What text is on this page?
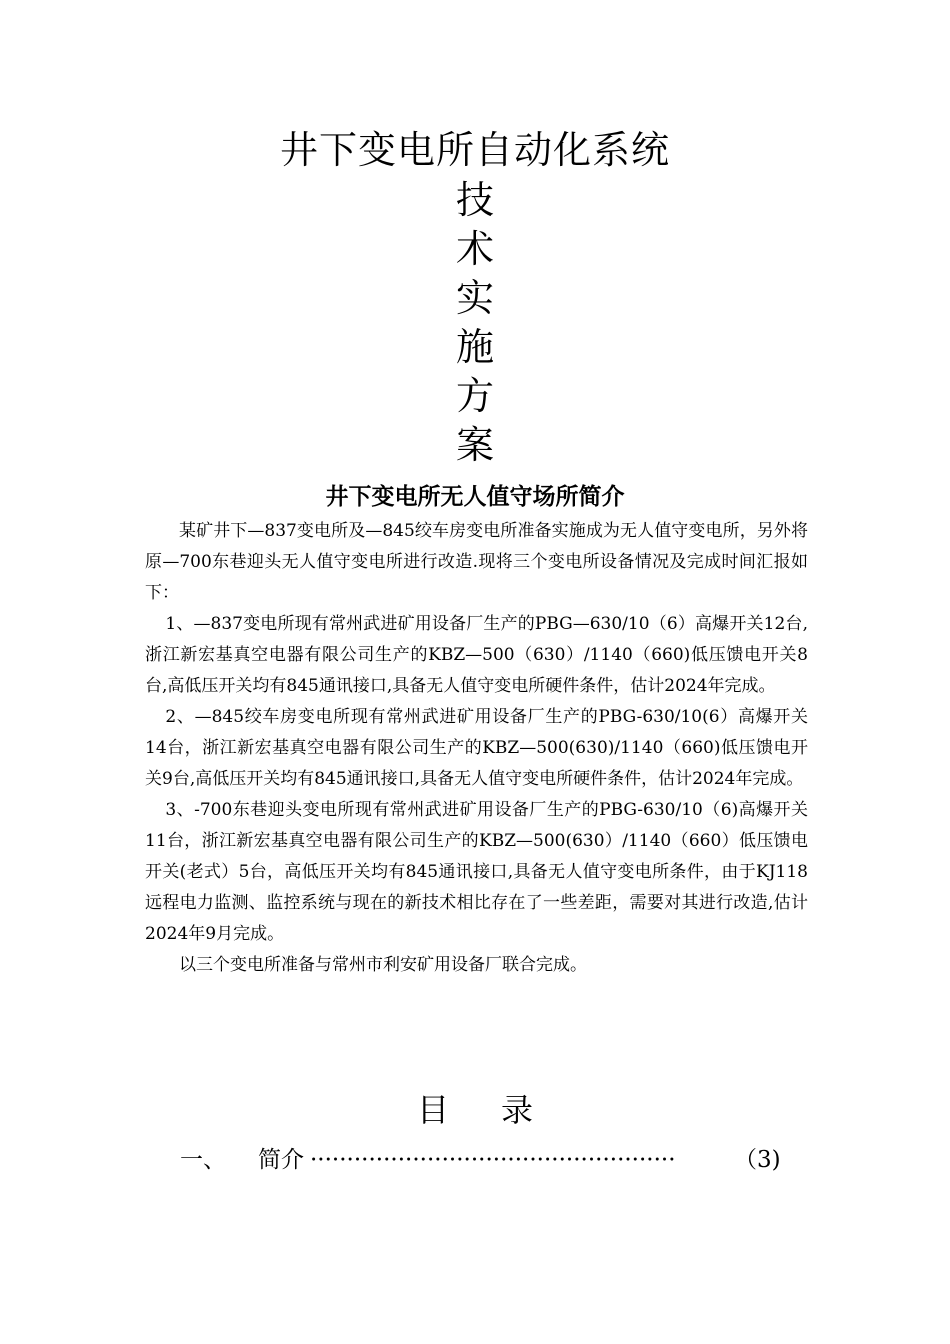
井下变电所自动化系统
技
术
实
施
方
案
井下变电所无人值守场所简介

某矿井下—837变电所及—845绞车房变电所准备实施成为无人值守变电所，另外将原—700东巷迎头无人值守变电所进行改造.现将三个变电所设备情况及完成时间汇报如下：

1、—837变电所现有常州武进矿用设备厂生产的PBG—630/10（6）高爆开关12台,浙江新宏基真空电器有限公司生产的KBZ—500（630）/1140（660)低压馈电开关8台,高低压开关均有845通讯接口,具备无人值守变电所硬件条件，估计2024年完成。

2、—845绞车房变电所现有常州武进矿用设备厂生产的PBG-630/10(6）高爆开关14台，浙江新宏基真空电器有限公司生产的KBZ—500(630)/1140（660)低压馈电开关9台,高低压开关均有845通讯接口,具备无人值守变电所硬件条件，估计2024年完成。

3、-700东巷迎头变电所现有常州武进矿用设备厂生产的PBG-630/10（6)高爆开关11台，浙江新宏基真空电器有限公司生产的KBZ—500(630）/1140（660）低压馈电开关(老式）5台，高低压开关均有845通讯接口,具备无人值守变电所条件，由于KJ118远程电力监测、监控系统与现在的新技术相比存在了一些差距，需要对其进行改造,估计2024年9月完成。

以三个变电所准备与常州市利安矿用设备厂联合完成。

目 录
一、 简介 ··················································	（3)
